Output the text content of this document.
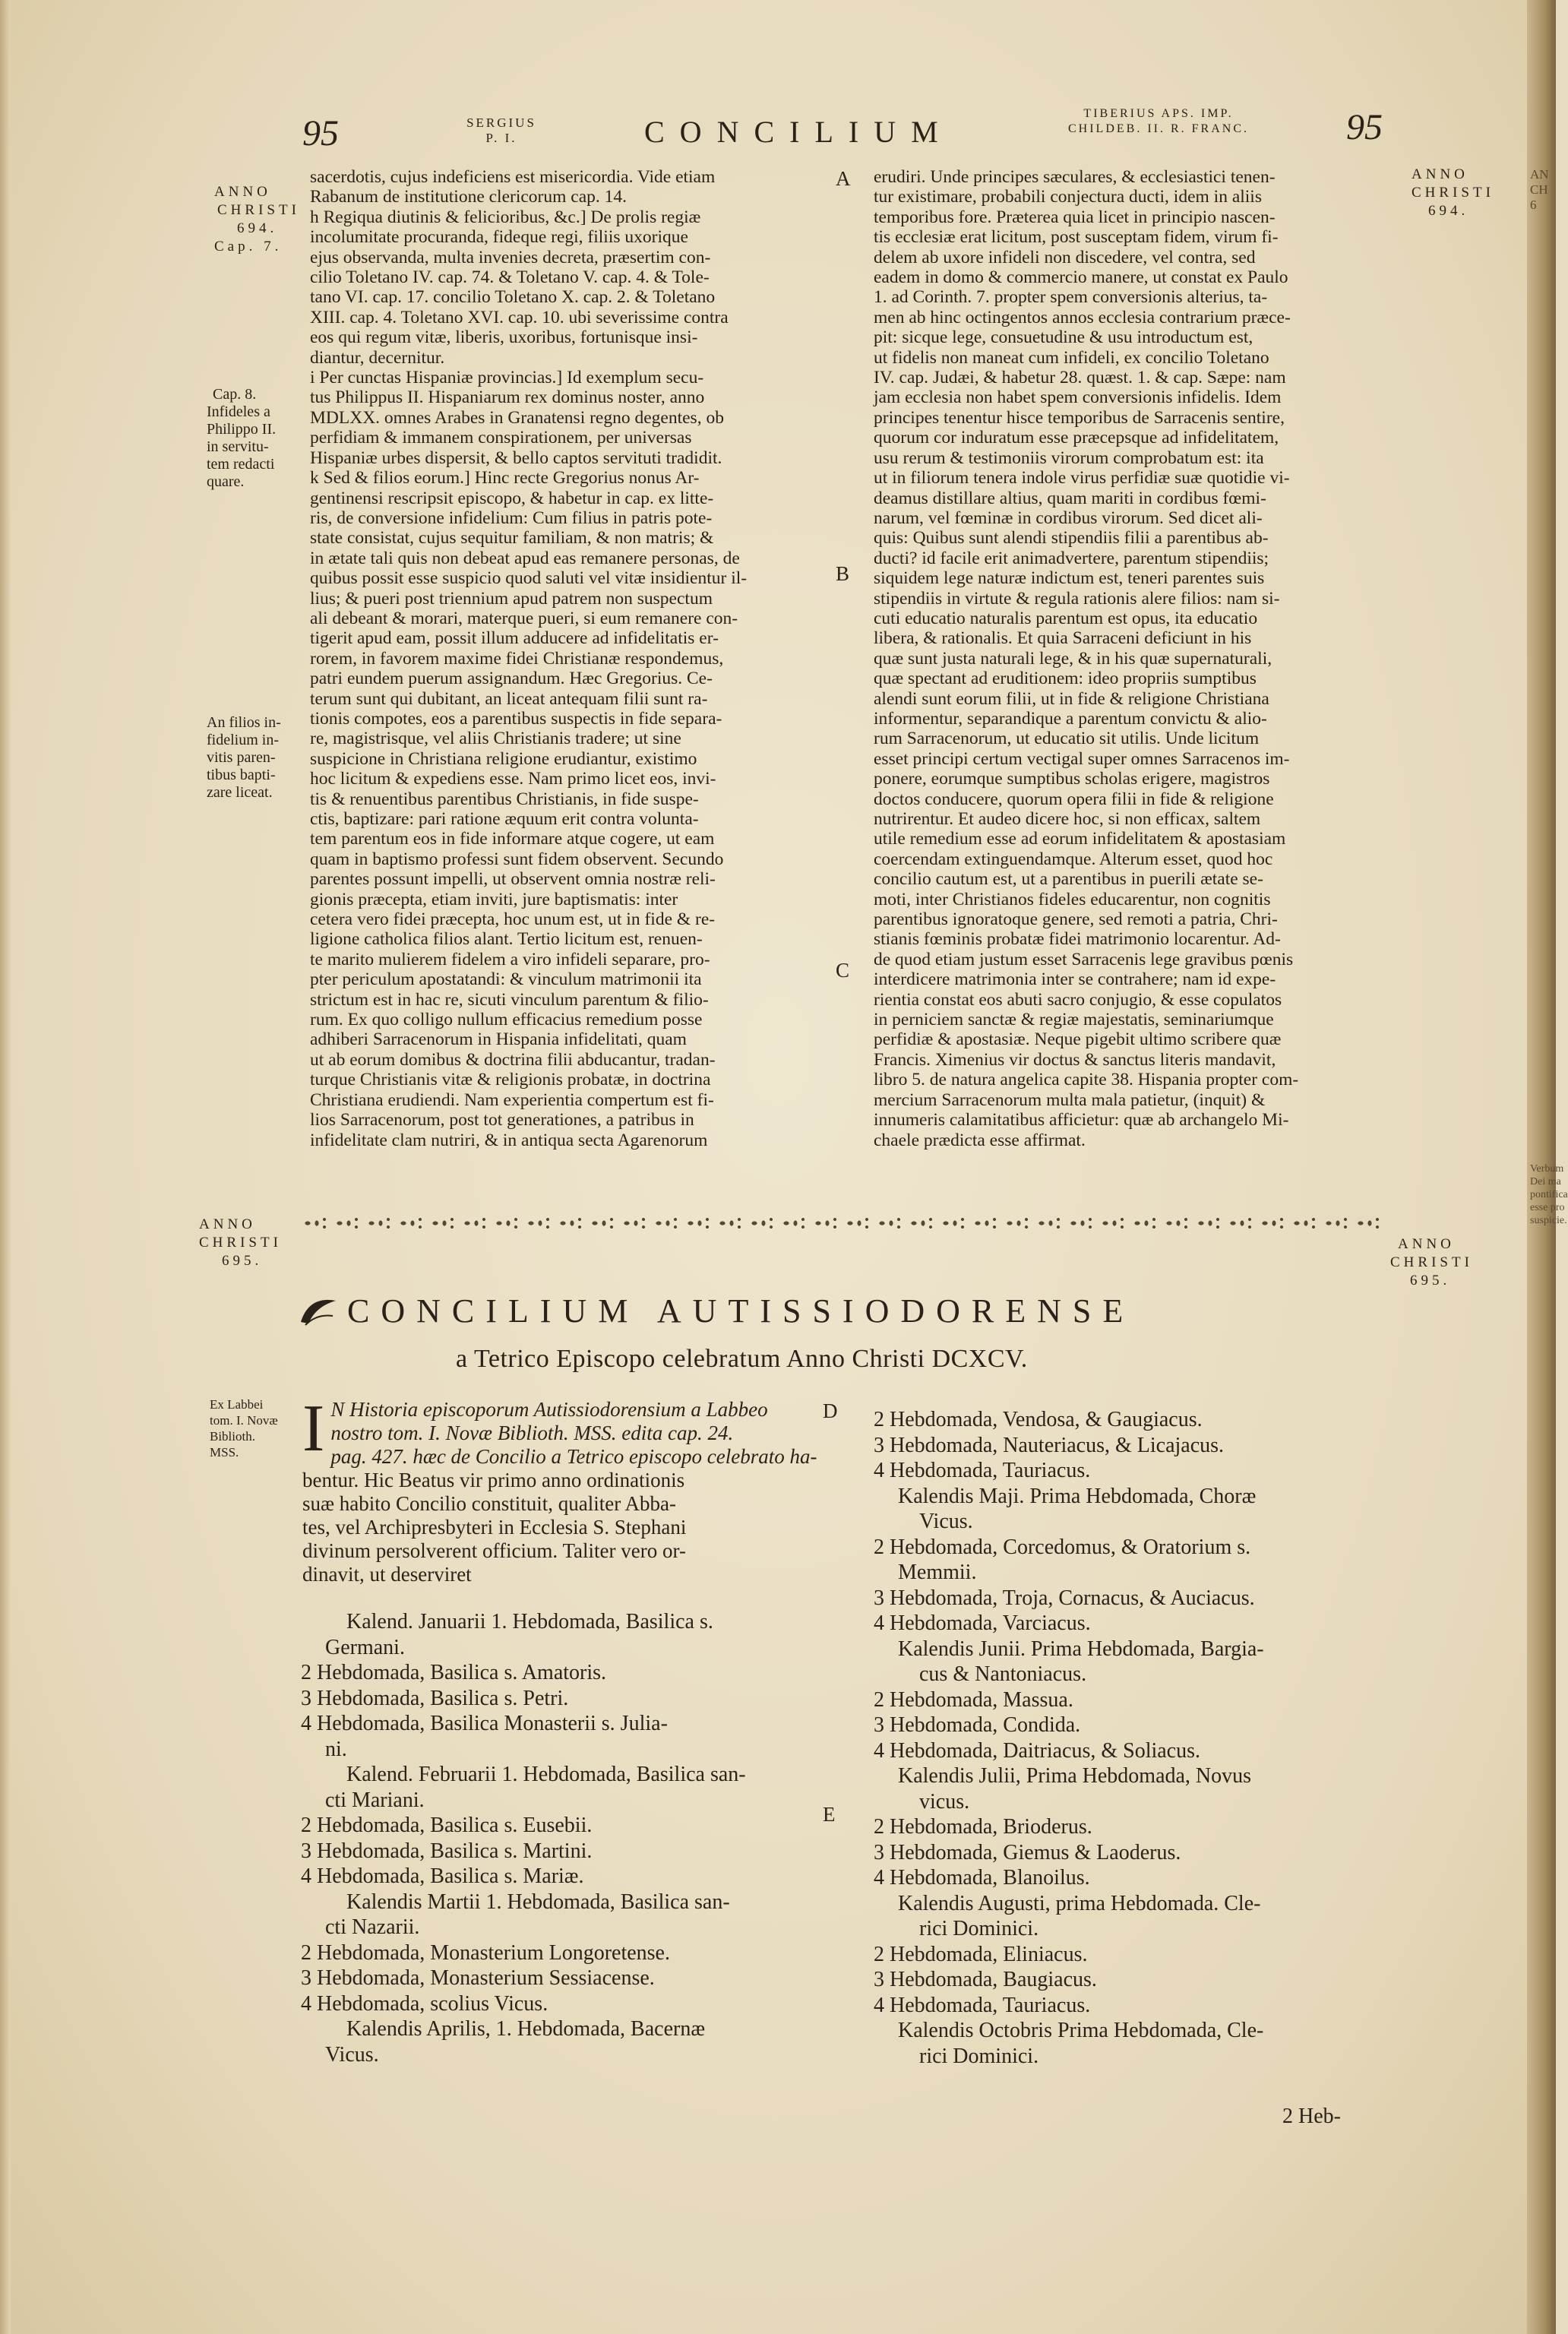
AN
CH
6
Verbum
Dei ma
pontifica
esse pro
suspicie.
95	SERGIUS
P. I.	CONCILIUM
TIBERIUS APS. IMP.
CHILDEB. II. R. FRANC.	95
ANNO
CHRISTI
694.
Cap. 7.
Cap. 8.
Infideles a
Philippo II.
in servitu-
tem redacti
quare.
An filios in-
fidelium in-
vitis paren-
tibus bapti-
zare liceat.
ANNO
CHRISTI
695.
Ex Labbei
tom. I. Novæ
Biblioth.
MSS.
ANNO
CHRISTI
694.
ANNO
CHRISTI
695.
A
B
C
D
E
sacerdotis, cujus indeficiens est misericordia. Vide etiam
Rabanum de institutione clericorum cap. 14.
h Regiqua diutinis & felicioribus, &c.] De prolis regiæ
incolumitate procuranda, fideque regi, filiis uxorique
ejus observanda, multa invenies decreta, præsertim con-
cilio Toletano IV. cap. 74. & Toletano V. cap. 4. & Tole-
tano VI. cap. 17. concilio Toletano X. cap. 2. & Toletano
XIII. cap. 4. Toletano XVI. cap. 10. ubi severissime contra
eos qui regum vitæ, liberis, uxoribus, fortunisque insi-
diantur, decernitur.
i Per cunctas Hispaniæ provincias.] Id exemplum secu-
tus Philippus II. Hispaniarum rex dominus noster, anno
MDLXX. omnes Arabes in Granatensi regno degentes, ob
perfidiam & immanem conspirationem, per universas
Hispaniæ urbes dispersit, & bello captos servituti tradidit.
k Sed & filios eorum.] Hinc recte Gregorius nonus Ar-
gentinensi rescripsit episcopo, & habetur in cap. ex litte-
ris, de conversione infidelium: Cum filius in patris pote-
state consistat, cujus sequitur familiam, & non matris; &
in ætate tali quis non debeat apud eas remanere personas, de
quibus possit esse suspicio quod saluti vel vitæ insidientur il-
lius; & pueri post triennium apud patrem non suspectum
ali debeant & morari, materque pueri, si eum remanere con-
tigerit apud eam, possit illum adducere ad infidelitatis er-
rorem, in favorem maxime fidei Christianæ respondemus,
patri eundem puerum assignandum. Hæc Gregorius. Ce-
terum sunt qui dubitant, an liceat antequam filii sunt ra-
tionis compotes, eos a parentibus suspectis in fide separa-
re, magistrisque, vel aliis Christianis tradere; ut sine
suspicione in Christiana religione erudiantur, existimo
hoc licitum & expediens esse. Nam primo licet eos, invi-
tis & renuentibus parentibus Christianis, in fide suspe-
ctis, baptizare: pari ratione æquum erit contra volunta-
tem parentum eos in fide informare atque cogere, ut eam
quam in baptismo professi sunt fidem observent. Secundo
parentes possunt impelli, ut observent omnia nostræ reli-
gionis præcepta, etiam inviti, jure baptismatis: inter
cetera vero fidei præcepta, hoc unum est, ut in fide & re-
ligione catholica filios alant. Tertio licitum est, renuen-
te marito mulierem fidelem a viro infideli separare, pro-
pter periculum apostatandi: & vinculum matrimonii ita
strictum est in hac re, sicuti vinculum parentum & filio-
rum. Ex quo colligo nullum efficacius remedium posse
adhiberi Sarracenorum in Hispania infidelitati, quam
ut ab eorum domibus & doctrina filii abducantur, tradan-
turque Christianis vitæ & religionis probatæ, in doctrina
Christiana erudiendi. Nam experientia compertum est fi-
lios Sarracenorum, post tot generationes, a patribus in
infidelitate clam nutriri, & in antiqua secta Agarenorum
erudiri. Unde principes sæculares, & ecclesiastici tenen-
tur existimare, probabili conjectura ducti, idem in aliis
temporibus fore. Præterea quia licet in principio nascen-
tis ecclesiæ erat licitum, post susceptam fidem, virum fi-
delem ab uxore infideli non discedere, vel contra, sed
eadem in domo & commercio manere, ut constat ex Paulo
1. ad Corinth. 7. propter spem conversionis alterius, ta-
men ab hinc octingentos annos ecclesia contrarium præce-
pit: sicque lege, consuetudine & usu introductum est,
ut fidelis non maneat cum infideli, ex concilio Toletano
IV. cap. Judæi, & habetur 28. quæst. 1. & cap. Sæpe: nam
jam ecclesia non habet spem conversionis infidelis. Idem
principes tenentur hisce temporibus de Sarracenis sentire,
quorum cor induratum esse præcepsque ad infidelitatem,
usu rerum & testimoniis virorum comprobatum est: ita
ut in filiorum tenera indole virus perfidiæ suæ quotidie vi-
deamus distillare altius, quam mariti in cordibus fœmi-
narum, vel fœminæ in cordibus virorum. Sed dicet ali-
quis: Quibus sunt alendi stipendiis filii a parentibus ab-
ducti? id facile erit animadvertere, parentum stipendiis;
siquidem lege naturæ indictum est, teneri parentes suis
stipendiis in virtute & regula rationis alere filios: nam si-
cuti educatio naturalis parentum est opus, ita educatio
libera, & rationalis. Et quia Sarraceni deficiunt in his
quæ sunt justa naturali lege, & in his quæ supernaturali,
quæ spectant ad eruditionem: ideo propriis sumptibus
alendi sunt eorum filii, ut in fide & religione Christiana
informentur, separandique a parentum convictu & alio-
rum Sarracenorum, ut educatio sit utilis. Unde licitum
esset principi certum vectigal super omnes Sarracenos im-
ponere, eorumque sumptibus scholas erigere, magistros
doctos conducere, quorum opera filii in fide & religione
nutrirentur. Et audeo dicere hoc, si non efficax, saltem
utile remedium esse ad eorum infidelitatem & apostasiam
coercendam extinguendamque. Alterum esset, quod hoc
concilio cautum est, ut a parentibus in puerili ætate se-
moti, inter Christianos fideles educarentur, non cognitis
parentibus ignoratoque genere, sed remoti a patria, Chri-
stianis fœminis probatæ fidei matrimonio locarentur. Ad-
de quod etiam justum esset Sarracenis lege gravibus pœnis
interdicere matrimonia inter se contrahere; nam id expe-
rientia constat eos abuti sacro conjugio, & esse copulatos
in perniciem sanctæ & regiæ majestatis, seminariumque
perfidiæ & apostasiæ. Neque pigebit ultimo scribere quæ
Francis. Ximenius vir doctus & sanctus literis mandavit,
libro 5. de natura angelica capite 38. Hispania propter com-
mercium Sarracenorum multa mala patietur, (inquit) &
innumeris calamitatibus afficietur: quæ ab archangelo Mi-
chaele prædicta esse affirmat.
CONCILIUM AUTISSIODORENSE
a Tetrico Episcopo celebratum Anno Christi DCXCV.
I N Historia episcoporum Autissiodorensium a Labbeo
nostro tom. I. Novæ Biblioth. MSS. edita cap. 24.
pag. 427. hæc de Concilio a Tetrico episcopo celebrato ha-
bentur. Hic Beatus vir primo anno ordinationis
suæ habito Concilio constituit, qualiter Abba-
tes, vel Archipresbyteri in Ecclesia S. Stephani
divinum persolverent officium. Taliter vero or-
dinavit, ut deserviret
Kalend. Januarii 1. Hebdomada, Basilica s.
Germani.
2 Hebdomada, Basilica s. Amatoris.
3 Hebdomada, Basilica s. Petri.
4 Hebdomada, Basilica Monasterii s. Julia-
ni.
Kalend. Februarii 1. Hebdomada, Basilica san-
cti Mariani.
2 Hebdomada, Basilica s. Eusebii.
3 Hebdomada, Basilica s. Martini.
4 Hebdomada, Basilica s. Mariæ.
Kalendis Martii 1. Hebdomada, Basilica san-
cti Nazarii.
2 Hebdomada, Monasterium Longoretense.
3 Hebdomada, Monasterium Sessiacense.
4 Hebdomada, scolius Vicus.
Kalendis Aprilis, 1. Hebdomada, Bacernæ
Vicus.
2 Hebdomada, Vendosa, & Gaugiacus.
3 Hebdomada, Nauteriacus, & Licajacus.
4 Hebdomada, Tauriacus.
Kalendis Maji. Prima Hebdomada, Choræ
Vicus.
2 Hebdomada, Corcedomus, & Oratorium s.
Memmii.
3 Hebdomada, Troja, Cornacus, & Auciacus.
4 Hebdomada, Varciacus.
Kalendis Junii. Prima Hebdomada, Bargia-
cus & Nantoniacus.
2 Hebdomada, Massua.
3 Hebdomada, Condida.
4 Hebdomada, Daitriacus, & Soliacus.
Kalendis Julii, Prima Hebdomada, Novus
vicus.
2 Hebdomada, Brioderus.
3 Hebdomada, Giemus & Laoderus.
4 Hebdomada, Blanoilus.
Kalendis Augusti, prima Hebdomada. Cle-
rici Dominici.
2 Hebdomada, Eliniacus.
3 Hebdomada, Baugiacus.
4 Hebdomada, Tauriacus.
Kalendis Octobris Prima Hebdomada, Cle-
rici Dominici.
2 Heb-
